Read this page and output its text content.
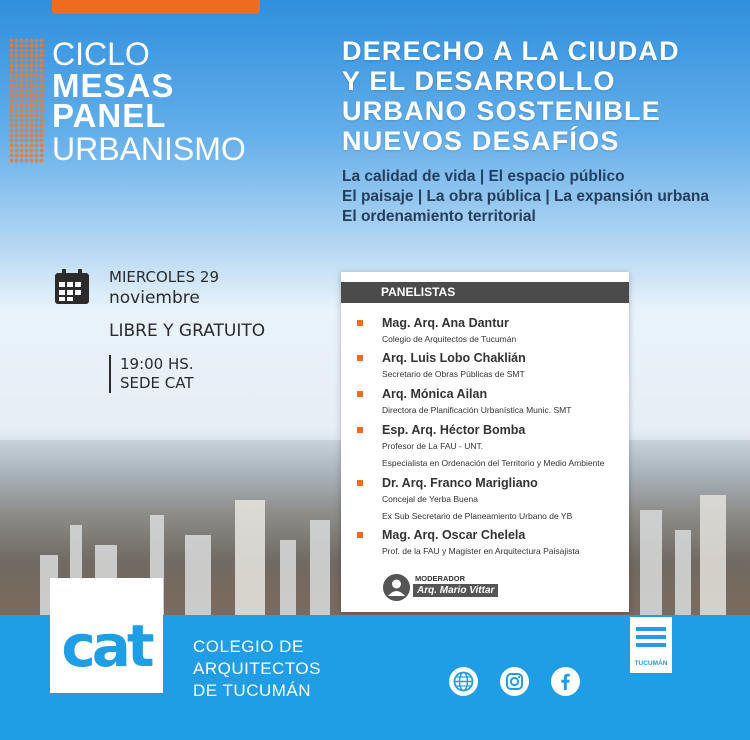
CICLO
MESAS
PANEL
URBANISMO
DERECHO A LA CIUDAD
Y EL DESARROLLO
URBANO SOSTENIBLE
NUEVOS DESAFÍOS
La calidad de vida | El espacio público
El paisaje | La obra pública | La expansión urbana
El ordenamiento territorial
MIERCOLES 29
noviembre
LIBRE Y GRATUITO
19:00 HS.
SEDE CAT
PANELISTAS
Mag. Arq. Ana Dantur
Colegio de Arquitectos de Tucumán
Arq. Luis Lobo Chaklián
Secretario de Obras Públicas de SMT
Arq. Mónica Ailan
Directora de Planificación Urbanística Munic. SMT
Esp. Arq. Héctor Bomba
Profesor de La FAU - UNT.
Especialista en Ordenación del Territorio y Medio Ambiente
Dr. Arq. Franco Marigliano
Concejal de Yerba Buena
Ex Sub Secretario de Planeamiento Urbano de YB
Mag. Arq. Oscar Chelela
Prof. de la FAU y Magister en Arquitectura Paisajista
MODERADOR
Arq. Mario Vittar
cat COLEGIO DE
ARQUITECTOS
DE TUCUMÁN
TUCUMÁN
